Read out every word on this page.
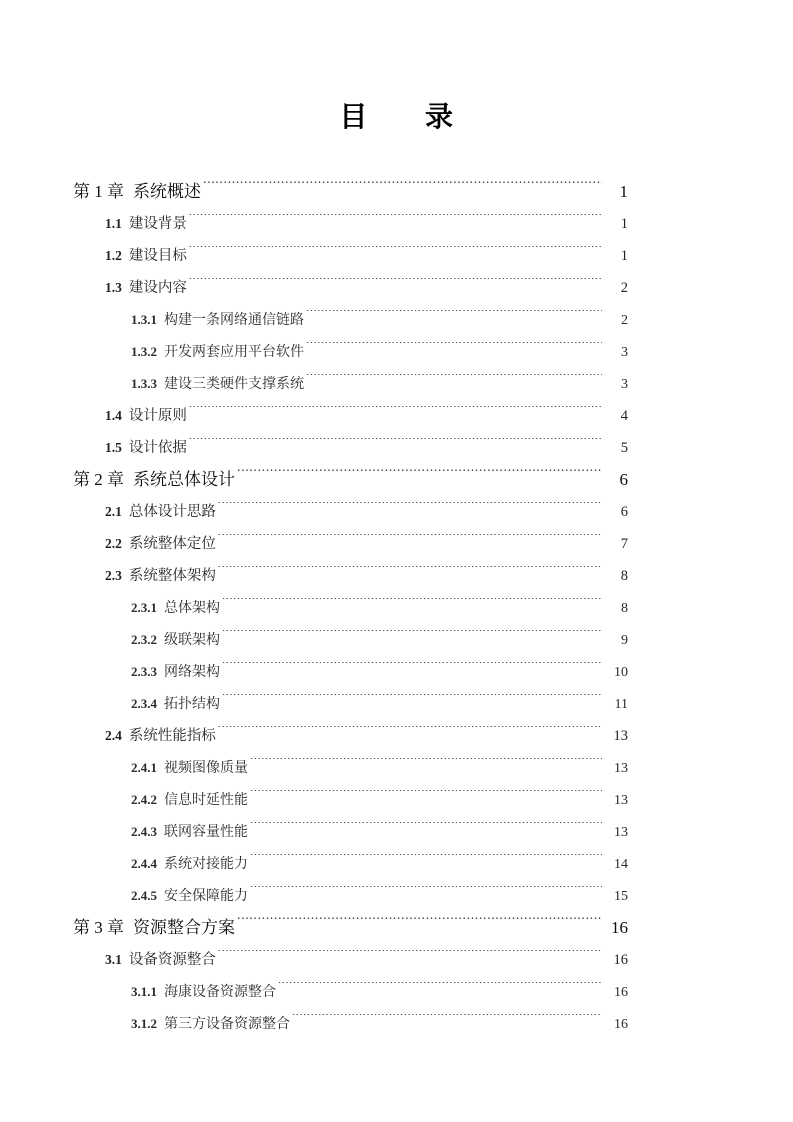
目　　录
第 1 章 系统概述 .....	1
1.1 建设背景 .....	1
1.2 建设目标 .....	1
1.3 建设内容 .....	2
1.3.1 构建一条网络通信链路 .....	2
1.3.2 开发两套应用平台软件 .....	3
1.3.3 建设三类硬件支撑系统 .....	3
1.4 设计原则 .....	4
1.5 设计依据 .....	5
第 2 章 系统总体设计 .....	6
2.1 总体设计思路 .....	6
2.2 系统整体定位 .....	7
2.3 系统整体架构 .....	8
2.3.1 总体架构 .....	8
2.3.2 级联架构 .....	9
2.3.3 网络架构 .....	10
2.3.4 拓扑结构 .....	11
2.4 系统性能指标 .....	13
2.4.1 视频图像质量 .....	13
2.4.2 信息时延性能 .....	13
2.4.3 联网容量性能 .....	13
2.4.4 系统对接能力 .....	14
2.4.5 安全保障能力 .....	15
第 3 章 资源整合方案 .....	16
3.1 设备资源整合 .....	16
3.1.1 海康设备资源整合 .....	16
3.1.2 第三方设备资源整合 .....	16
